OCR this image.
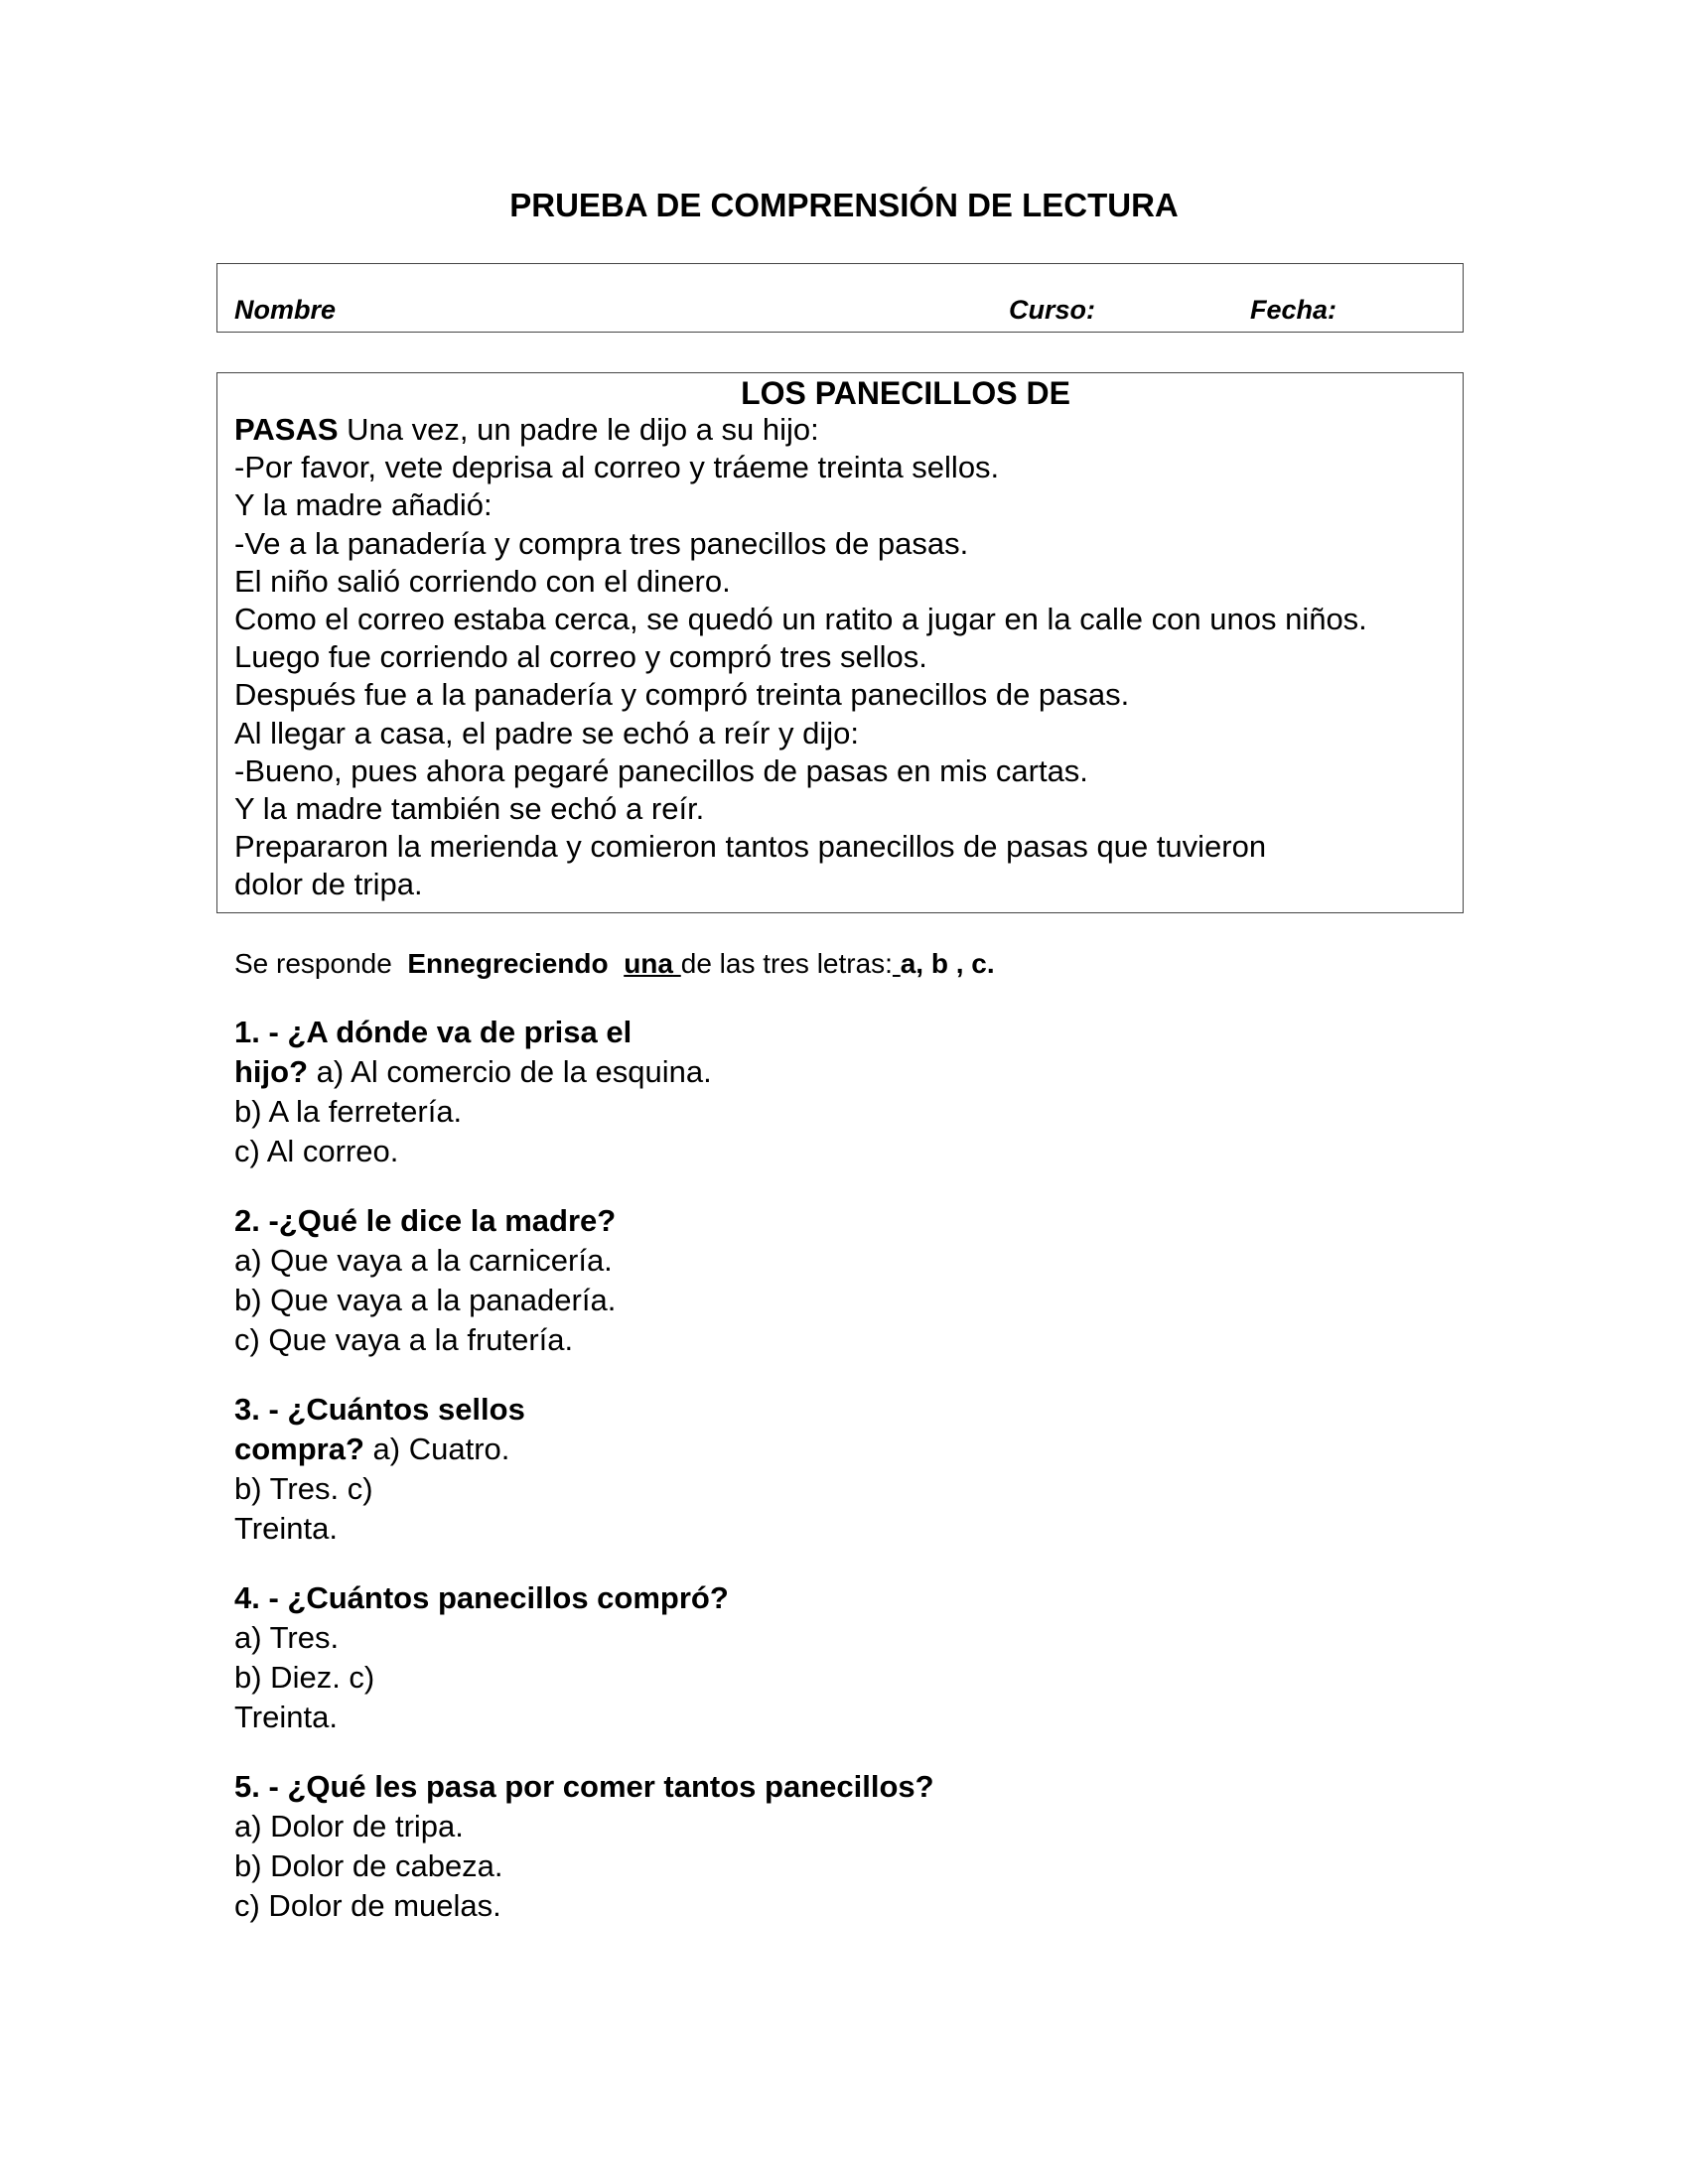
PRUEBA DE COMPRENSIÓN DE LECTURA
Nombre	Curso:	Fecha:
LOS PANECILLOS DE
PASAS Una vez, un padre le dijo a su hijo:
-Por favor, vete deprisa al correo y tráeme treinta sellos.
Y la madre añadió:
-Ve a la panadería y compra tres panecillos de pasas.
El niño salió corriendo con el dinero.
Como el correo estaba cerca, se quedó un ratito a jugar en la calle con unos niños.
Luego fue corriendo al correo y compró tres sellos.
Después fue a la panadería y compró treinta panecillos de pasas.
Al llegar a casa, el padre se echó a reír y dijo:
-Bueno, pues ahora pegaré panecillos de pasas en mis cartas.
Y la madre también se echó a reír.
Prepararon la merienda y comieron tantos panecillos de pasas que tuvieron
dolor de tripa.
Se responde Ennegreciendo una de las tres letras: a, b , c.
1. - ¿A dónde va de prisa el
hijo? a) Al comercio de la esquina.
b) A la ferretería.
c) Al correo.
2. -¿Qué le dice la madre?
a) Que vaya a la carnicería.
b) Que vaya a la panadería.
c) Que vaya a la frutería.
3. - ¿Cuántos sellos
compra? a) Cuatro.
b) Tres. c)
Treinta.
4. - ¿Cuántos panecillos compró?
a) Tres.
b) Diez. c)
Treinta.
5. - ¿Qué les pasa por comer tantos panecillos?
a) Dolor de tripa.
b) Dolor de cabeza.
c) Dolor de muelas.
